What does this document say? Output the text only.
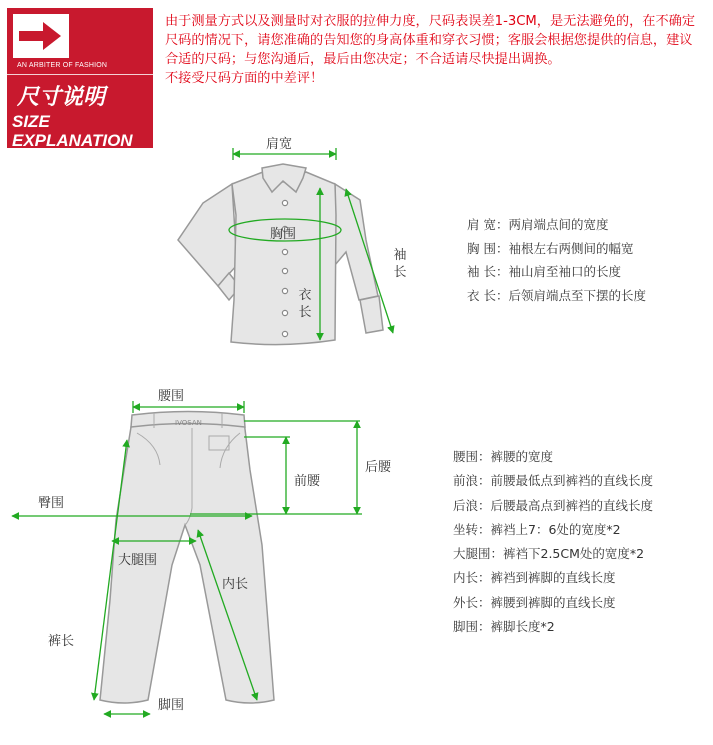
AN ARBITER OF FASHION
尺寸说明
SIZE
EXPLANATION

由于测量方式以及测量时对衣服的拉伸力度，尺码表误差1-3CM，是无法避免的，在不确定尺码的情况下，请您准确的告知您的身高体重和穿衣习惯；客服会根据您提供的信息，建议合适的尺码；与您沟通后，最后由您决定；不合适请尽快提出调换。

不接受尺码方面的中差评！

IVOSAN
肩宽
胸围
袖长
衣长
肩 宽：两肩端点间的宽度
胸 围：袖根左右两侧间的幅宽
袖 长：袖山肩至袖口的长度
衣 长：后领肩端点至下摆的长度
腰围
前腰
后腰
臀围
大腿围
内长
裤长
脚围
腰围：裤腰的宽度
前浪：前腰最低点到裤裆的直线长度
后浪：后腰最高点到裤裆的直线长度
坐转：裤裆上7：6处的宽度*2
大腿围：裤裆下2.5CM处的宽度*2
内长：裤裆到裤脚的直线长度
外长：裤腰到裤脚的直线长度
脚围：裤脚长度*2
